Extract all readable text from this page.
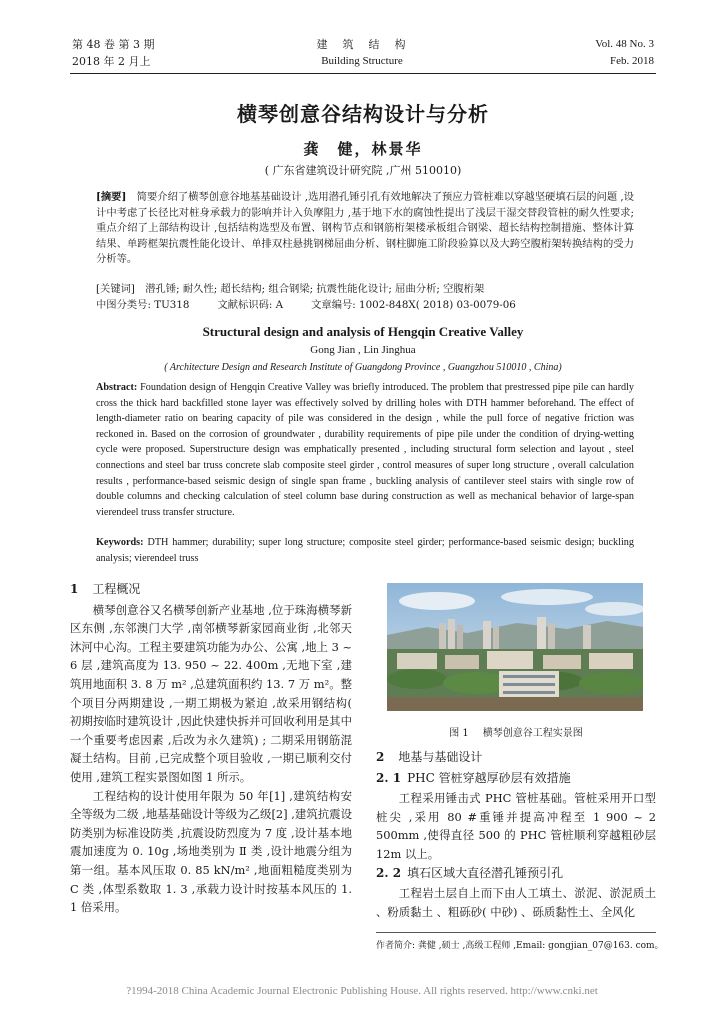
第 48 卷 第 3 期
2018 年 2 月上
建　筑　结　构
Building Structure
Vol. 48 No. 3
Feb. 2018
横琴创意谷结构设计与分析
龚　健，林景华
( 广东省建筑设计研究院 ,广州 510010)
[摘要]　简要介绍了横琴创意谷地基基础设计 ,选用潜孔锤引孔有效地解决了预应力管桩难以穿越坚硬填石层的问题 ,设计中考虑了长径比对桩身承载力的影响并计入负摩阻力 ,基于地下水的腐蚀性提出了浅层干湿交替段管桩的耐久性要求; 重点介绍了上部结构设计 ,包括结构选型及布置、钢构节点和钢筋桁架楼承板组合钢梁、超长结构控制措施、整体计算结果、单跨框架抗震性能化设计、单排双柱悬挑钢梯屈曲分析、钢柱脚施工阶段验算以及大跨空腹桁架转换结构的受力分析等。
[关键词]　潜孔锤; 耐久性; 超长结构; 组合钢梁; 抗震性能化设计; 屈曲分析; 空腹桁架
中图分类号: TU318	文献标识码: A	文章编号: 1002-848X( 2018) 03-0079-06
Structural design and analysis of Hengqin Creative Valley
Gong Jian , Lin Jinghua
( Architecture Design and Research Institute of Guangdong Province , Guangzhou 510010 , China)
Abstract: Foundation design of Hengqin Creative Valley was briefly introduced. The problem that prestressed pipe pile can hardly cross the thick hard backfilled stone layer was effectively solved by drilling holes with DTH hammer beforehand. The effect of length-diameter ratio on bearing capacity of pile was considered in the design , while the pull force of negative friction was reckoned in. Based on the corrosion of groundwater , durability requirements of pipe pile under the condition of drying-wetting cycle were proposed. Superstructure design was emphatically presented , including structural form selection and layout , steel connections and steel bar truss concrete slab composite steel girder , control measures of super long structure , overall calculation results , performance-based seismic design of single span frame , buckling analysis of cantilever steel stairs with single row of double columns and checking calculation of steel column base during construction as well as mechanical behavior of large-span vierendeel truss transfer structure.
Keywords: DTH hammer; durability; super long structure; composite steel girder; performance-based seismic design; buckling analysis; vierendeel truss
1 工程概况

横琴创意谷又名横琴创新产业基地 ,位于珠海横琴新区东侧 ,东邻澳门大学 ,南邻横琴新家园商业街 ,北邻天沐河中心沟。工程主要建筑功能为办公、公寓 ,地上 3 ~ 6 层 ,建筑高度为 13. 950 ~ 22. 400m ,无地下室 ,建筑用地面积 3. 8 万 m² ,总建筑面积约 13. 7 万 m²。整个项目分两期建设 ,一期工期极为紧迫 ,故采用钢结构( 初期按临时建筑设计 ,因此快建快拆并可回收利用是其中一个重要考虑因素 ,后改为永久建筑) ; 二期采用钢筋混凝土结构。目前 ,已完成整个项目验收 ,一期已顺利交付使用 ,建筑工程实景图如图 1 所示。

工程结构的设计使用年限为 50 年[1] ,建筑结构安全等级为二级 ,地基基础设计等级为乙级[2] ,建筑抗震设防类别为标准设防类 ,抗震设防烈度为 7 度 ,设计基本地震加速度为 0. 10g ,场地类别为 Ⅱ 类 ,设计地震分组为第一组。基本风压取 0. 85 kN/m² ,地面粗糙度类别为 C 类 ,体型系数取 1. 3 ,承载力设计时按基本风压的 1. 1 倍采用。

图 1 横琴创意谷工程实景图
2 地基与基础设计
2. 1 PHC 管桩穿越厚砂层有效措施

工程采用锤击式 PHC 管桩基础。管桩采用开口型桩尖 ,采用 80 #重锤并提高冲程至 1 900 ~ 2 500mm ,使得直径 500 的 PHC 管桩顺利穿越粗砂层 12m 以上。

2. 2 填石区域大直径潜孔锤预引孔

工程岩土层自上而下由人工填土、淤泥、淤泥质土 、粉质黏土 、粗砾砂( 中砂) 、砾质黏性土、全风化

作者简介: 龚健 ,硕士 ,高级工程师 ,Email: gongjian_07@163. com。
?1994-2018 China Academic Journal Electronic Publishing House. All rights reserved. http://www.cnki.net
